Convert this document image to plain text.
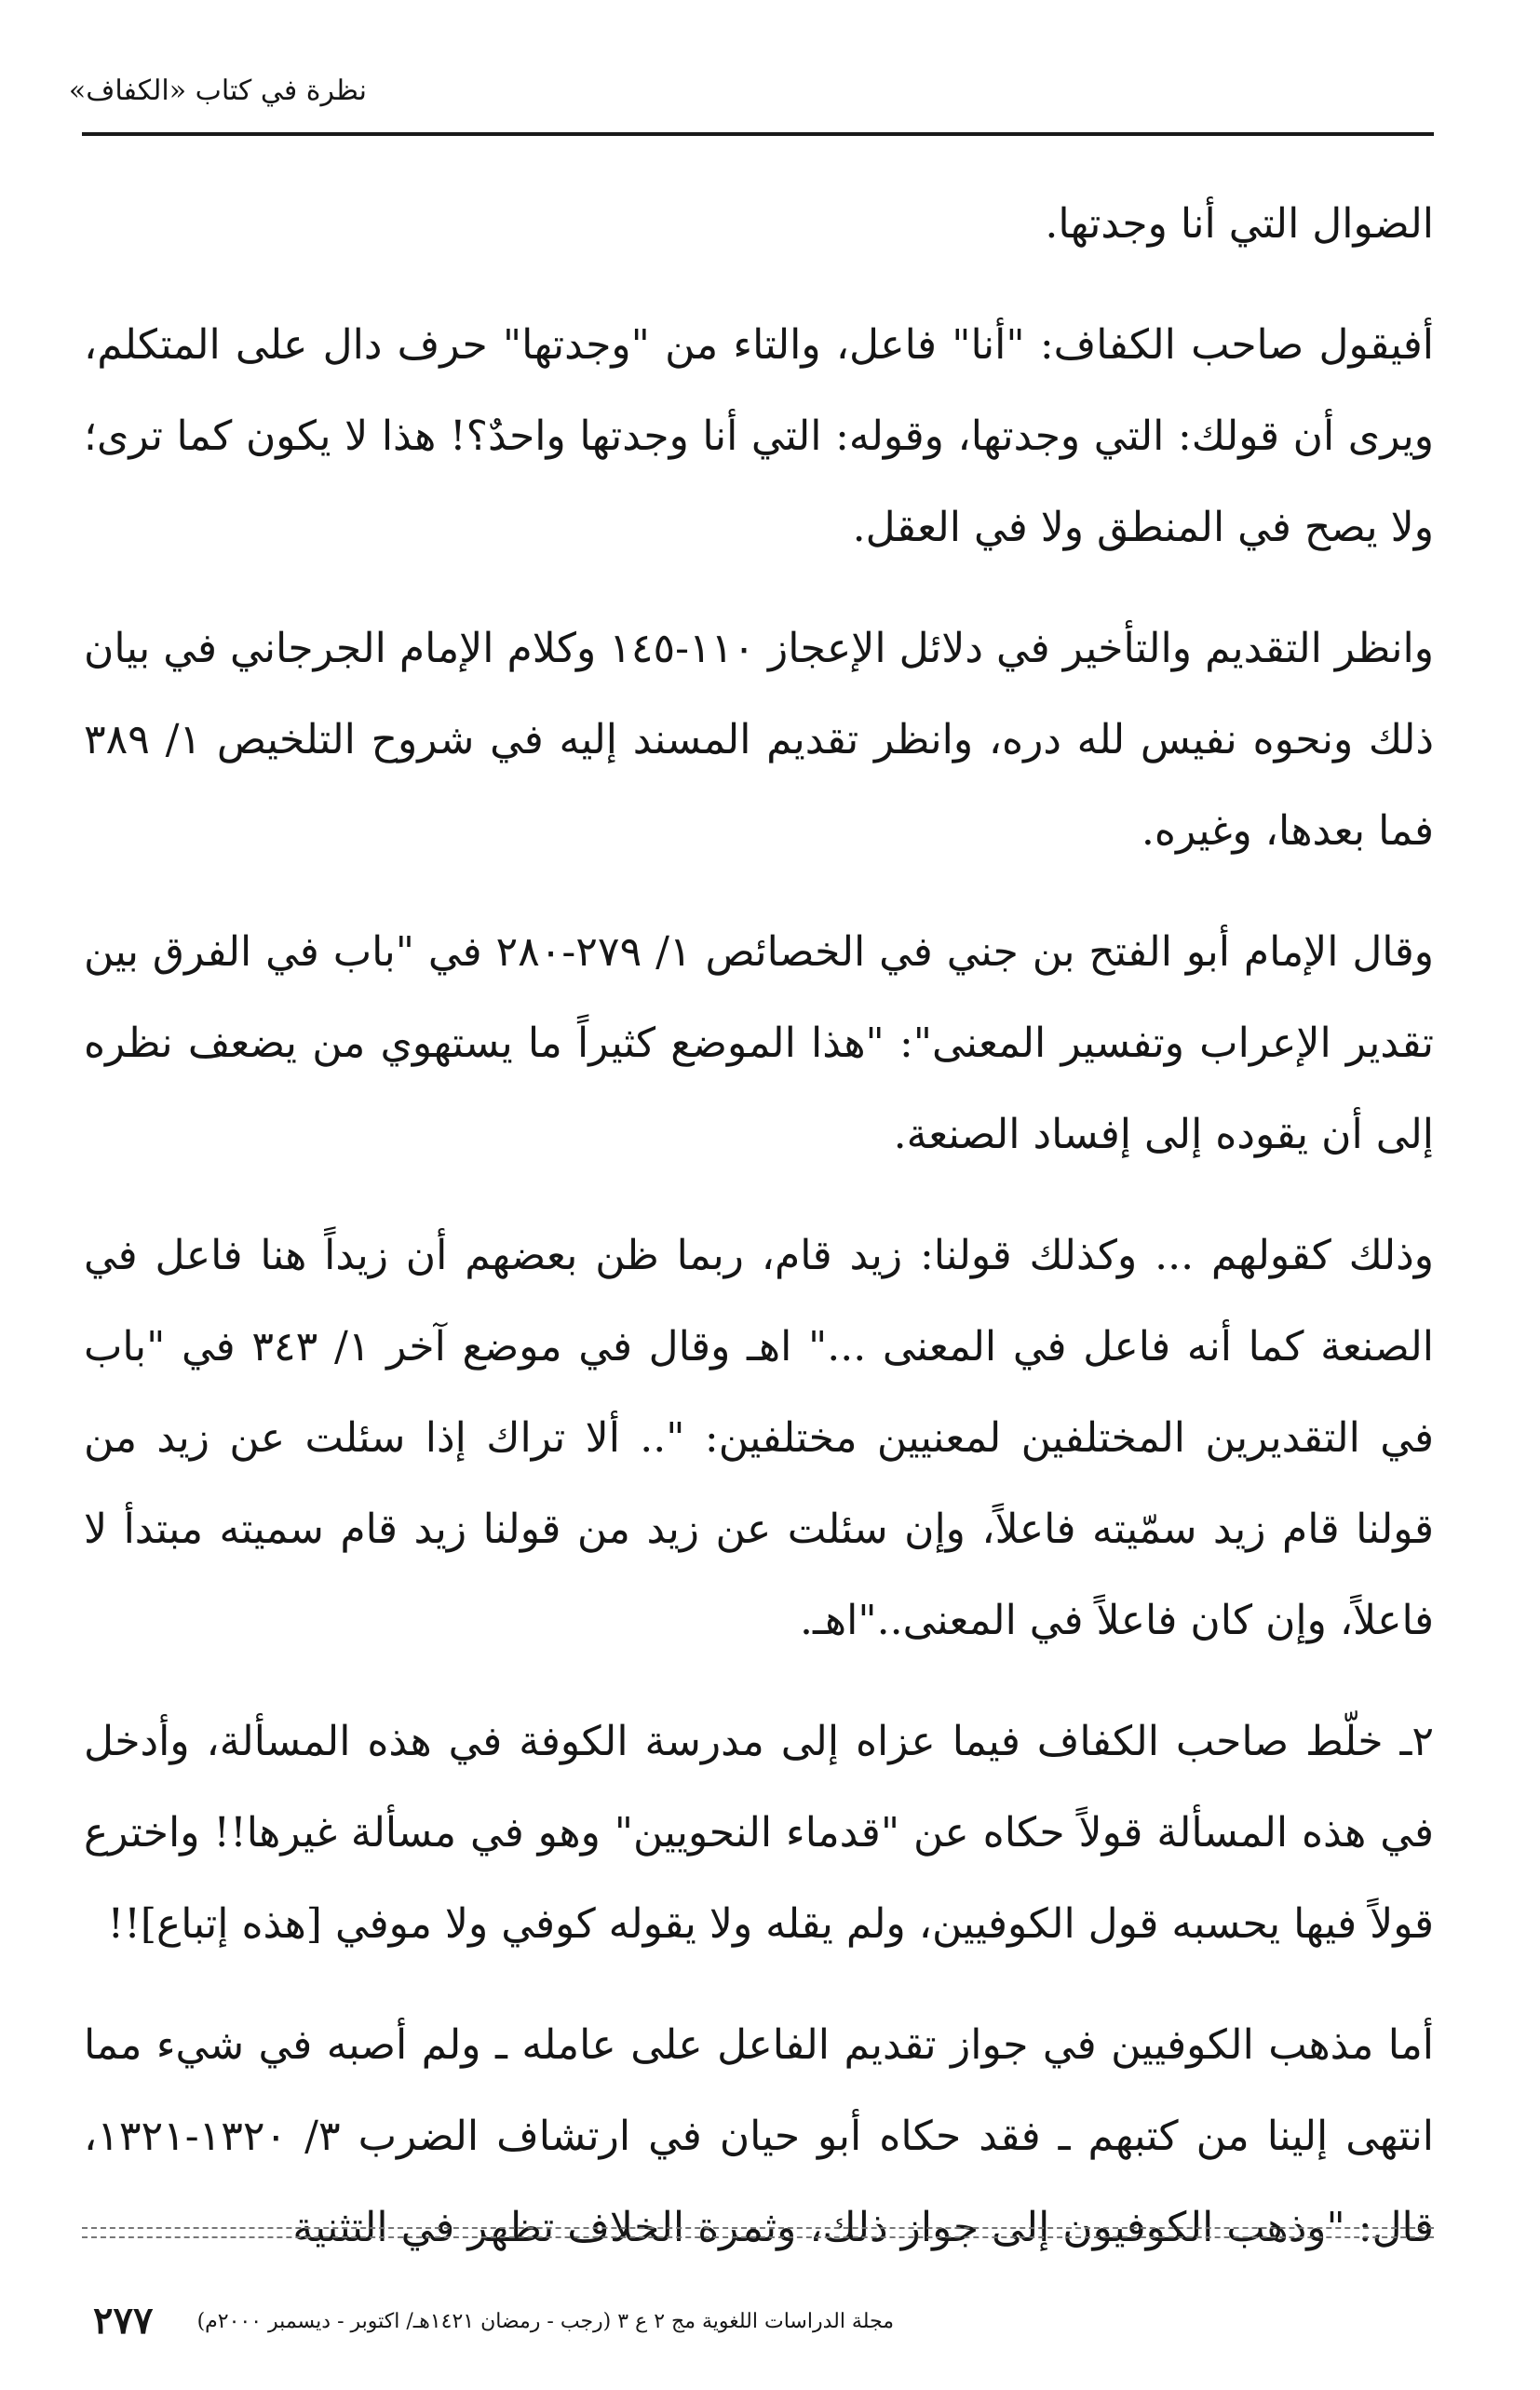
نظرة في كتاب «الكفاف»

الضوال التي أنا وجدتها.

أفيقول صاحب الكفاف: "أنا" فاعل، والتاء من "وجدتها" حرف دال على المتكلم، ويرى أن قولك: التي وجدتها، وقوله: التي أنا وجدتها واحدٌ؟! هذا لا يكون كما ترى؛ ولا يصح في المنطق ولا في العقل.

وانظر التقديم والتأخير في دلائل الإعجاز ١١٠-١٤٥ وكلام الإمام الجرجاني في بيان ذلك ونحوه نفيس لله دره، وانظر تقديم المسند إليه في شروح التلخيص ١/ ٣٨٩ فما بعدها، وغيره.

وقال الإمام أبو الفتح بن جني في الخصائص ١/ ٢٧٩-٢٨٠ في "باب في الفرق بين تقدير الإعراب وتفسير المعنى": "هذا الموضع كثيراً ما يستهوي من يضعف نظره إلى أن يقوده إلى إفساد الصنعة.

وذلك كقولهم ... وكذلك قولنا: زيد قام، ربما ظن بعضهم أن زيداً هنا فاعل في الصنعة كما أنه فاعل في المعنى ..." اهـ وقال في موضع آخر ١/ ٣٤٣ في "باب في التقديرين المختلفين لمعنيين مختلفين: ".. ألا تراك إذا سئلت عن زيد من قولنا قام زيد سمّيته فاعلاً، وإن سئلت عن زيد من قولنا زيد قام سميته مبتدأ لا فاعلاً، وإن كان فاعلاً في المعنى.."اهـ.

٢ـ خلّط صاحب الكفاف فيما عزاه إلى مدرسة الكوفة في هذه المسألة، وأدخل في هذه المسألة قولاً حكاه عن "قدماء النحويين" وهو في مسألة غيرها!! واخترع قولاً فيها يحسبه قول الكوفيين، ولم يقله ولا يقوله كوفي ولا موفي [هذه إتباع]!!

أما مذهب الكوفيين في جواز تقديم الفاعل على عامله ـ ولم أصبه في شيء مما انتهى إلينا من كتبهم ـ فقد حكاه أبو حيان في ارتشاف الضرب ٣/ ١٣٢٠-١٣٢١، قال: "وذهب الكوفيون إلى جواز ذلك، وثمرة الخلاف تظهر في التثنية

مجلة الدراسات اللغوية مج ٢ ع ٣ (رجب - رمضان ١٤٢١هـ/ اكتوبر - ديسمبر ٢٠٠٠م)
٢٧٧
